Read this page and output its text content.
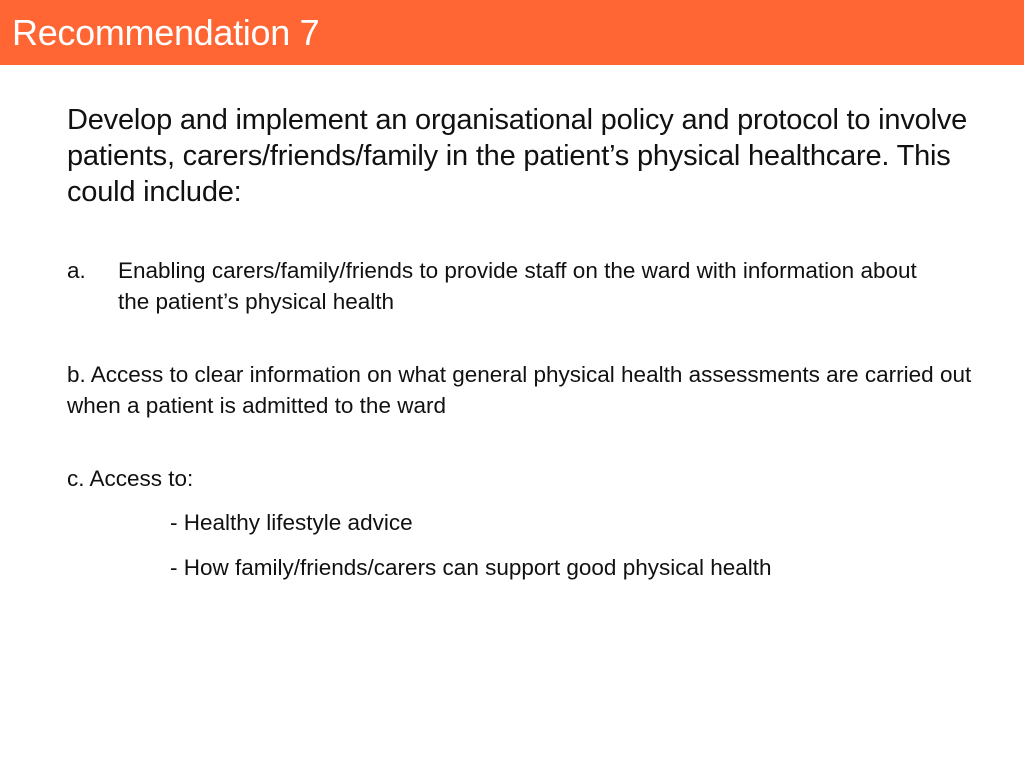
Recommendation 7
Develop and implement an organisational policy and protocol to involve patients, carers/friends/family in the patient’s physical healthcare. This could include:
a.	Enabling carers/family/friends to provide staff on the ward with information about the patient’s physical health
b. Access to clear information on what general physical health assessments are carried out when a patient is admitted to the ward
c. Access to:
- Healthy lifestyle advice
- How family/friends/carers can support good physical health
